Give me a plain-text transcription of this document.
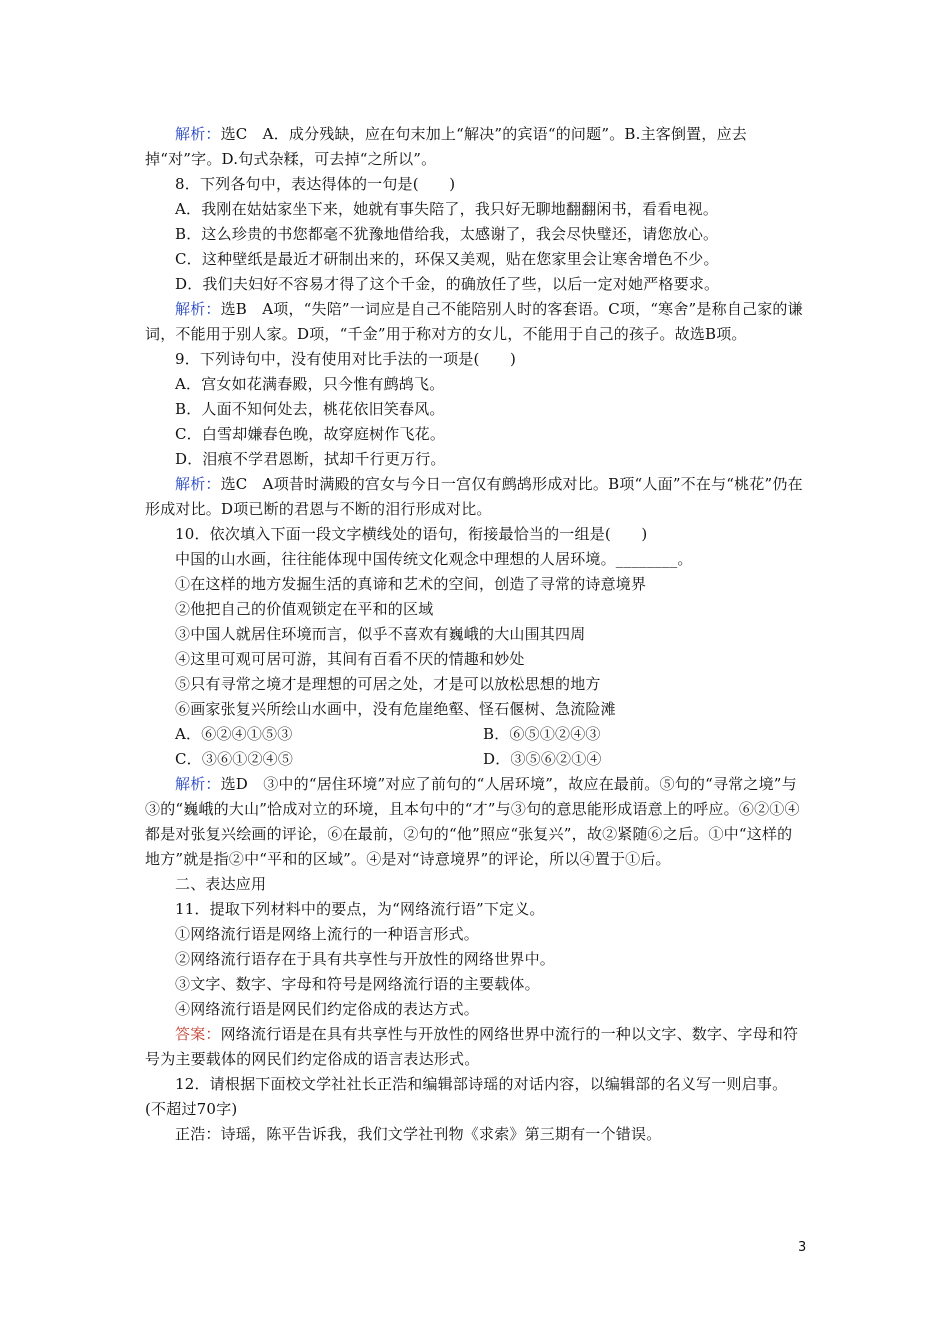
解析：选C　A．成分残缺，应在句末加上“解决”的宾语“的问题”。B.主客倒置，应去掉“对”字。D.句式杂糅，可去掉“之所以”。

8．下列各句中，表达得体的一句是(　　)

A．我刚在姑姑家坐下来，她就有事失陪了，我只好无聊地翻翻闲书，看看电视。

B．这么珍贵的书您都毫不犹豫地借给我，太感谢了，我会尽快璧还，请您放心。

C．这种壁纸是最近才研制出来的，环保又美观，贴在您家里会让寒舍增色不少。

D．我们夫妇好不容易才得了这个千金，的确放任了些，以后一定对她严格要求。

解析：选B　A项，“失陪”一词应是自己不能陪别人时的客套语。C项，“寒舍”是称自己家的谦词，不能用于别人家。D项，“千金”用于称对方的女儿，不能用于自己的孩子。故选B项。

9．下列诗句中，没有使用对比手法的一项是(　　)

A．宫女如花满春殿，只今惟有鹧鸪飞。

B．人面不知何处去，桃花依旧笑春风。

C．白雪却嫌春色晚，故穿庭树作飞花。

D．泪痕不学君恩断，拭却千行更万行。

解析：选C　A项昔时满殿的宫女与今日一宫仅有鹧鸪形成对比。B项“人面”不在与“桃花”仍在形成对比。D项已断的君恩与不断的泪行形成对比。

10．依次填入下面一段文字横线处的语句，衔接最恰当的一组是(　　)

中国的山水画，往往能体现中国传统文化观念中理想的人居环境。________。

①在这样的地方发掘生活的真谛和艺术的空间，创造了寻常的诗意境界

②他把自己的价值观锁定在平和的区域

③中国人就居住环境而言，似乎不喜欢有巍峨的大山围其四周

④这里可观可居可游，其间有百看不厌的情趣和妙处

⑤只有寻常之境才是理想的可居之处，才是可以放松思想的地方

⑥画家张复兴所绘山水画中，没有危崖绝壑、怪石偃树、急流险滩

A．⑥②④①⑤③	B．⑥⑤①②④③
C．③⑥①②④⑤	D．③⑤⑥②①④

解析：选D　③中的“居住环境”对应了前句的“人居环境”，故应在最前。⑤句的“寻常之境”与③的“巍峨的大山”恰成对立的环境，且本句中的“才”与③句的意思能形成语意上的呼应。⑥②①④都是对张复兴绘画的评论，⑥在最前，②句的“他”照应“张复兴”，故②紧随⑥之后。①中“这样的地方”就是指②中“平和的区域”。④是对“诗意境界”的评论，所以④置于①后。

二、表达应用

11．提取下列材料中的要点，为“网络流行语”下定义。

①网络流行语是网络上流行的一种语言形式。

②网络流行语存在于具有共享性与开放性的网络世界中。

③文字、数字、字母和符号是网络流行语的主要载体。

④网络流行语是网民们约定俗成的表达方式。

答案：网络流行语是在具有共享性与开放性的网络世界中流行的一种以文字、数字、字母和符号为主要载体的网民们约定俗成的语言表达形式。

12．请根据下面校文学社社长正浩和编辑部诗瑶的对话内容，以编辑部的名义写一则启事。(不超过70字)

正浩：诗瑶，陈平告诉我，我们文学社刊物《求索》第三期有一个错误。

3
